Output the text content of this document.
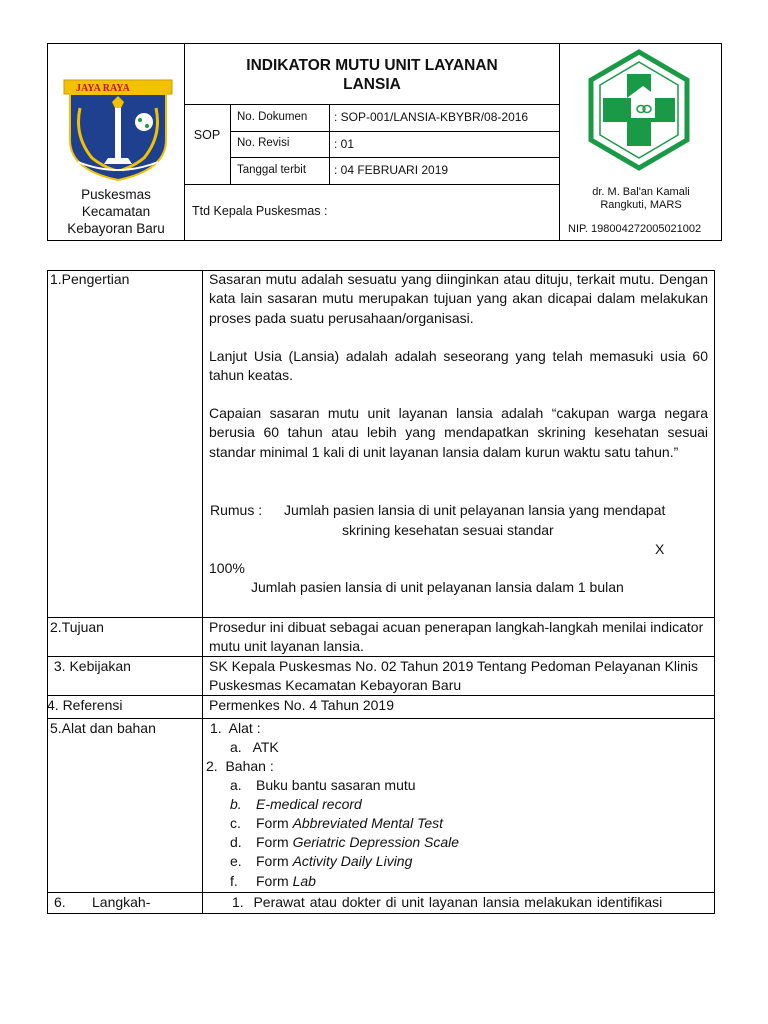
JAYA RAYA
Puskesmas
Kecamatan
Kebayoran Baru
INDIKATOR MUTU UNIT LAYANAN
LANSIA
SOP
No. Dokumen : SOP-001/LANSIA-KBYBR/08-2016
No. Revisi	: 01
Tanggal terbit : 04 FEBRUARI 2019
Ttd Kepala Puskesmas :
dr. M. Bal'an Kamali
Rangkuti, MARS
NIP. 198004272005021002
1.Pengertian	Sasaran mutu adalah sesuatu yang diinginkan atau dituju, terkait mutu. Dengan kata lain sasaran mutu merupakan tujuan yang akan dicapai dalam melakukan proses pada suatu perusahaan/organisasi.
Lanjut Usia (Lansia) adalah adalah seseorang yang telah memasuki usia 60 tahun keatas.
Capaian sasaran mutu unit layanan lansia adalah “cakupan warga negara berusia 60 tahun atau lebih yang mendapatkan skrining kesehatan sesuai standar minimal 1 kali di unit layanan lansia dalam kurun waktu satu tahun.”
Rumus : Jumlah pasien lansia di unit pelayanan lansia yang mendapat
skrining kesehatan sesuai standar
X
100%
Jumlah pasien lansia di unit pelayanan lansia dalam 1 bulan
2.Tujuan	Prosedur ini dibuat sebagai acuan penerapan langkah-langkah menilai indicator mutu unit layanan lansia.
3. Kebijakan	SK Kepala Puskesmas No. 02 Tahun 2019 Tentang Pedoman Pelayanan Klinis Puskesmas Kecamatan Kebayoran Baru
4. Referensi	Permenkes No. 4 Tahun 2019
5.Alat dan bahan	1.  Alat :
a.   ATK
2.  Bahan :
a. Buku bantu sasaran mutu
b. E-medical record
c. Form Abbreviated Mental Test
d. Form Geriatric Depression Scale
e. Form Activity Daily Living
f. Form Lab
6. Langkah-	1.  Perawat atau dokter di unit layanan lansia melakukan identifikasi
